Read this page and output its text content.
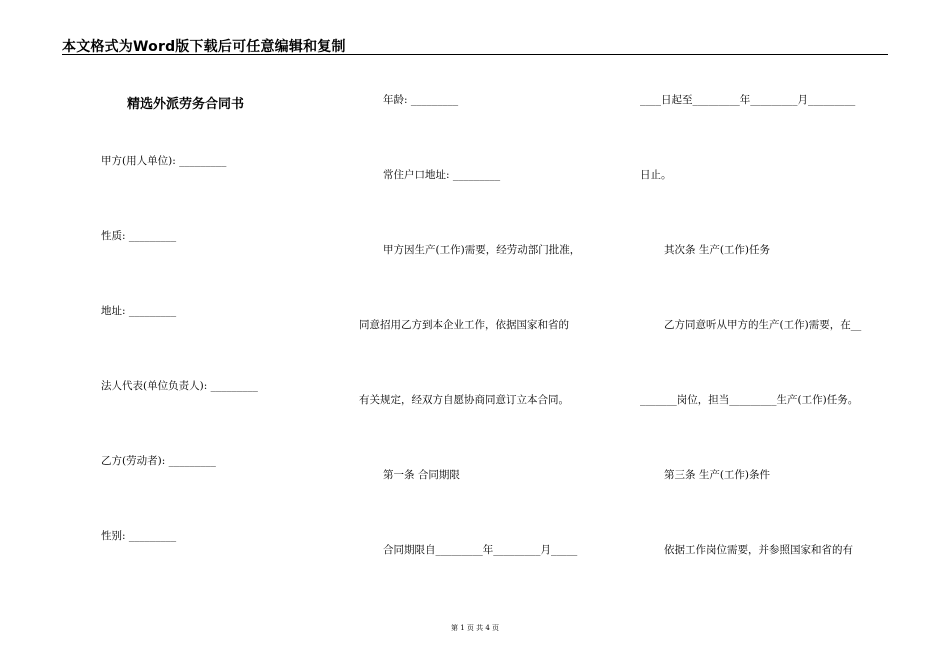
本文格式为Word版下载后可任意编辑和复制
精选外派劳务合同书
甲方(用人单位): _________
性质: _________
地址: _________
法人代表(单位负责人): _________
乙方(劳动者): _________
性别: _________
年龄: _________
常住户口地址: _________
甲方因生产(工作)需要，经劳动部门批准，
同意招用乙方到本企业工作，依据国家和省的
有关规定，经双方自愿协商同意订立本合同。
第一条 合同期限
合同期限自_________年_________月_____
____日起至_________年_________月_________
日止。
其次条 生产(工作)任务
乙方同意听从甲方的生产(工作)需要，在__
_______岗位，担当_________生产(工作)任务。
第三条 生产(工作)条件
依据工作岗位需要，并参照国家和省的有
第 1 页 共 4 页
